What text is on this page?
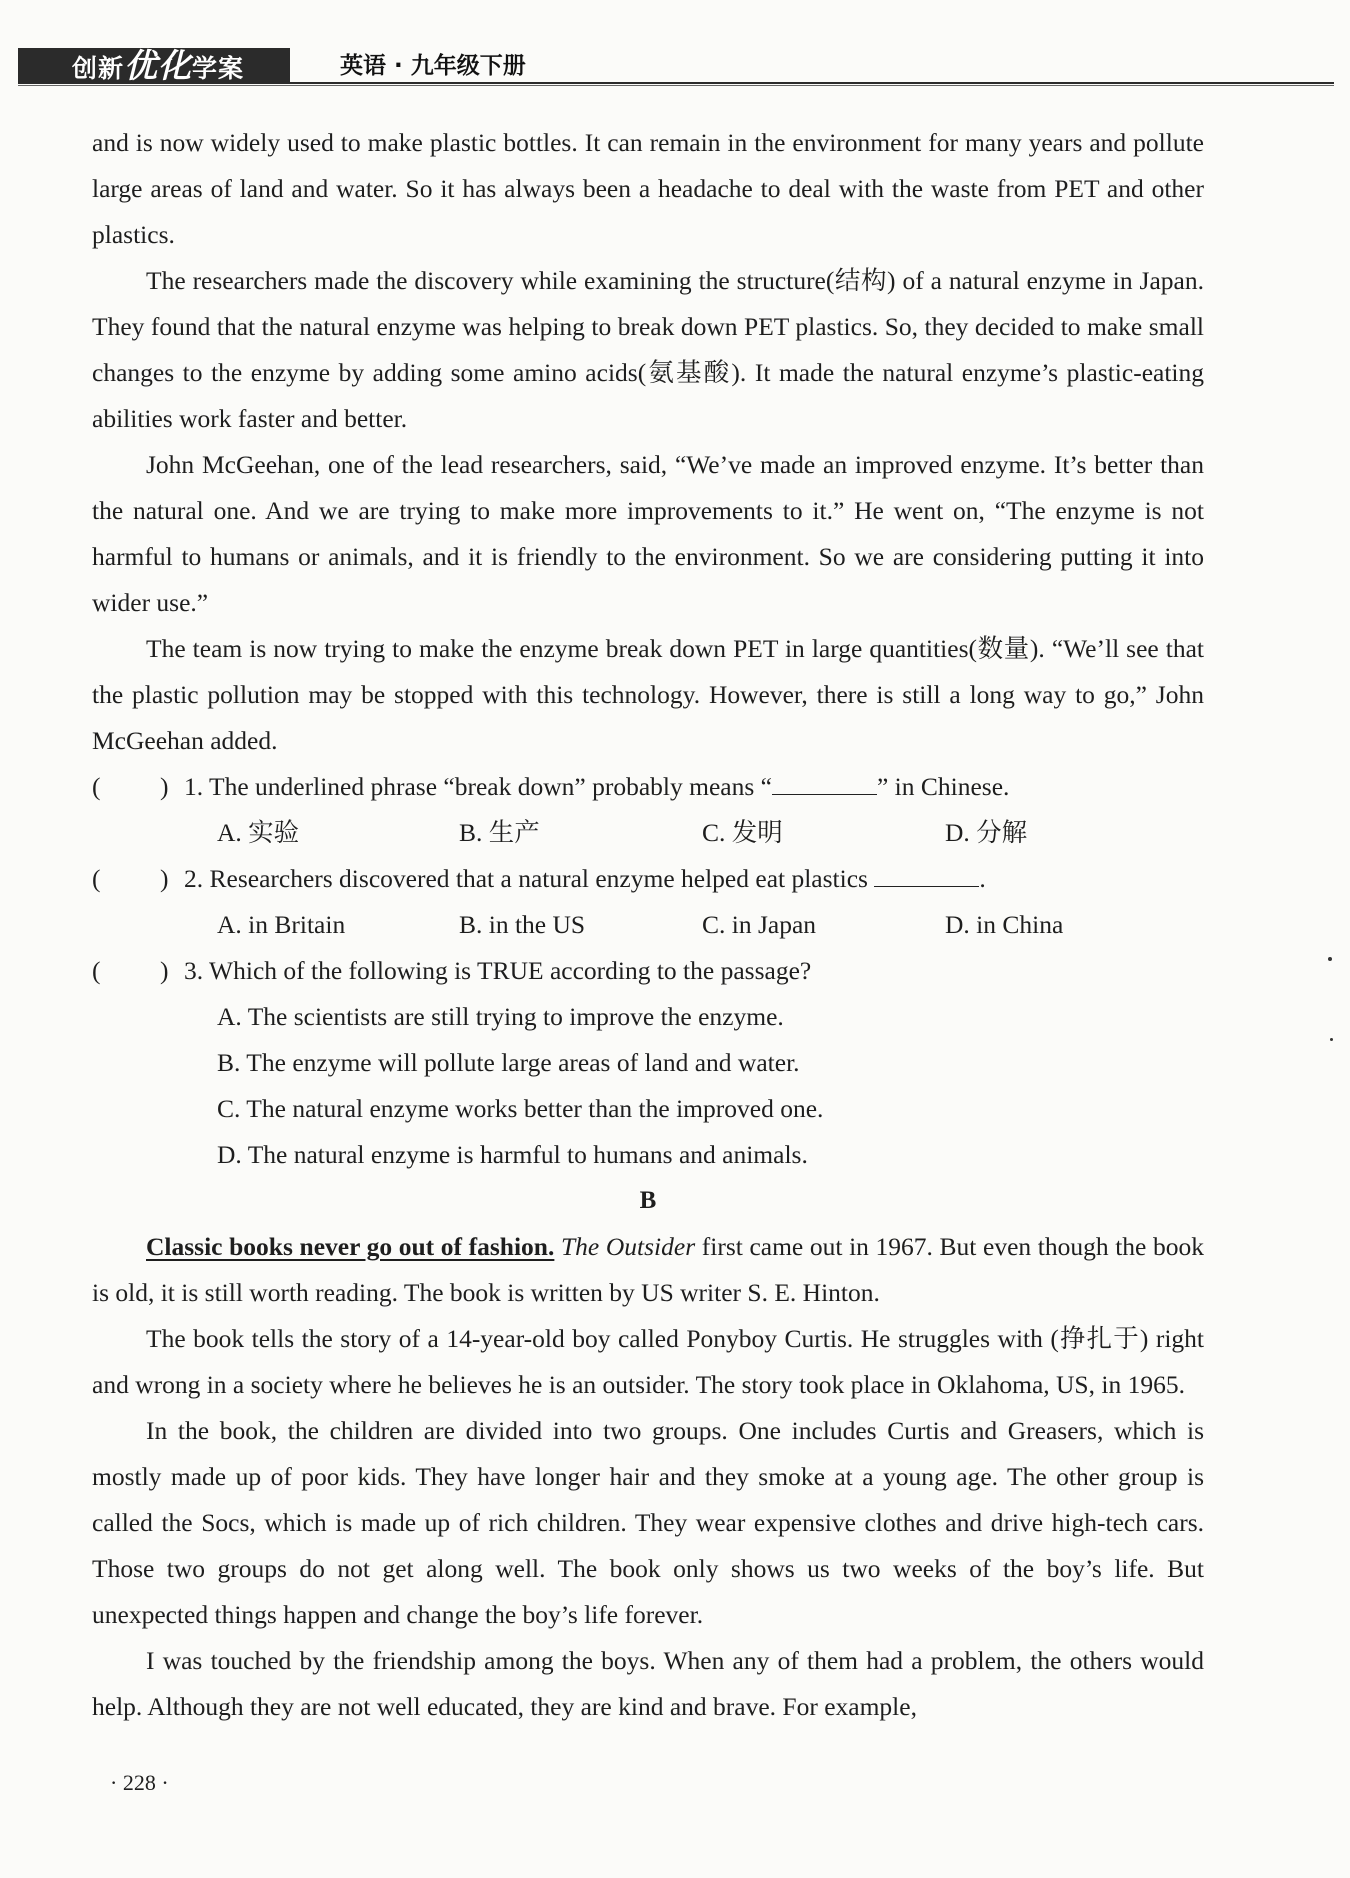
创新优化学案	英语 · 九年级下册

and is now widely used to make plastic bottles. It can remain in the environment for many years and pollute large areas of land and water. So it has always been a headache to deal with the waste from PET and other plastics.

The researchers made the discovery while examining the structure(结构) of a natural enzyme in Japan. They found that the natural enzyme was helping to break down PET plastics. So, they decided to make small changes to the enzyme by adding some amino acids(氨基酸). It made the natural enzyme’s plastic-eating abilities work faster and better.

John McGeehan, one of the lead researchers, said, “We’ve made an improved enzyme. It’s better than the natural one. And we are trying to make more improvements to it.” He went on, “The enzyme is not harmful to humans or animals, and it is friendly to the environment. So we are considering putting it into wider use.”

The team is now trying to make the enzyme break down PET in large quantities(数量). “We’ll see that the plastic pollution may be stopped with this technology. However, there is still a long way to go,” John McGeehan added.

( ) 1. The underlined phrase “break down” probably means “	” in Chinese.
A. 实验	B. 生产	C. 发明	D. 分解
( ) 2. Researchers discovered that a natural enzyme helped eat plastics	.
A. in Britain	B. in the US	C. in Japan	D. in China
( ) 3. Which of the following is TRUE according to the passage?
A. The scientists are still trying to improve the enzyme.
B. The enzyme will pollute large areas of land and water.
C. The natural enzyme works better than the improved one.
D. The natural enzyme is harmful to humans and animals.
B

Classic books never go out of fashion. The Outsider first came out in 1967. But even though the book is old, it is still worth reading. The book is written by US writer S. E. Hinton.

The book tells the story of a 14-year-old boy called Ponyboy Curtis. He struggles with (挣扎于) right and wrong in a society where he believes he is an outsider. The story took place in Oklahoma, US, in 1965.

In the book, the children are divided into two groups. One includes Curtis and Greasers, which is mostly made up of poor kids. They have longer hair and they smoke at a young age. The other group is called the Socs, which is made up of rich children. They wear expensive clothes and drive high-tech cars. Those two groups do not get along well. The book only shows us two weeks of the boy’s life. But unexpected things happen and change the boy’s life forever.

I was touched by the friendship among the boys. When any of them had a problem, the others would help. Although they are not well educated, they are kind and brave. For example,

· 228 ·
